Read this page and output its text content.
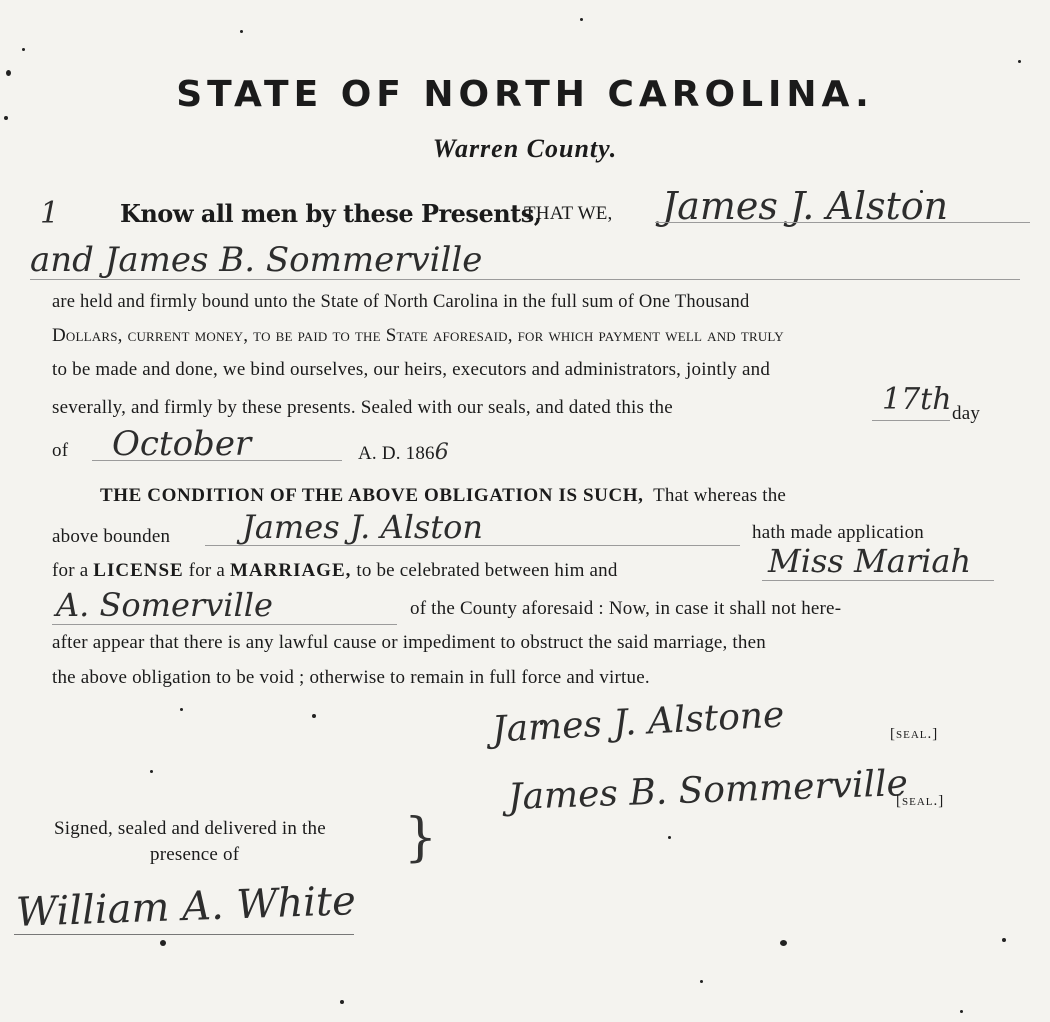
STATE OF NORTH CAROLINA.
Warren County.
1	Know all men by these Presents,
THAT WE, James J. Alston
and James B. Sommerville
are held and firmly bound unto the State of North Carolina in the full sum of One Thousand
Dollars, current money, to be paid to the State aforesaid, for which payment well and truly
to be made and done, we bind ourselves, our heirs, executors and administrators, jointly and
severally, and firmly by these presents. Sealed with our seals, and dated this the	17th day
of October	A. D. 1866
THE CONDITION OF THE ABOVE OBLIGATION IS SUCH, That whereas the
above bounden James J. Alston	hath made application
for a LICENSE for a MARRIAGE, to be celebrated between him and	Miss Mariah
A. Somerville	of the County aforesaid : Now, in case it shall not here-
after appear that there is any lawful cause or impediment to obstruct the said marriage, then
the above obligation to be void ; otherwise to remain in full force and virtue.
James J. Alstone	[seal.]
James B. Sommerville
[seal.]
Signed, sealed and delivered in the
presence of	}
William A. White
